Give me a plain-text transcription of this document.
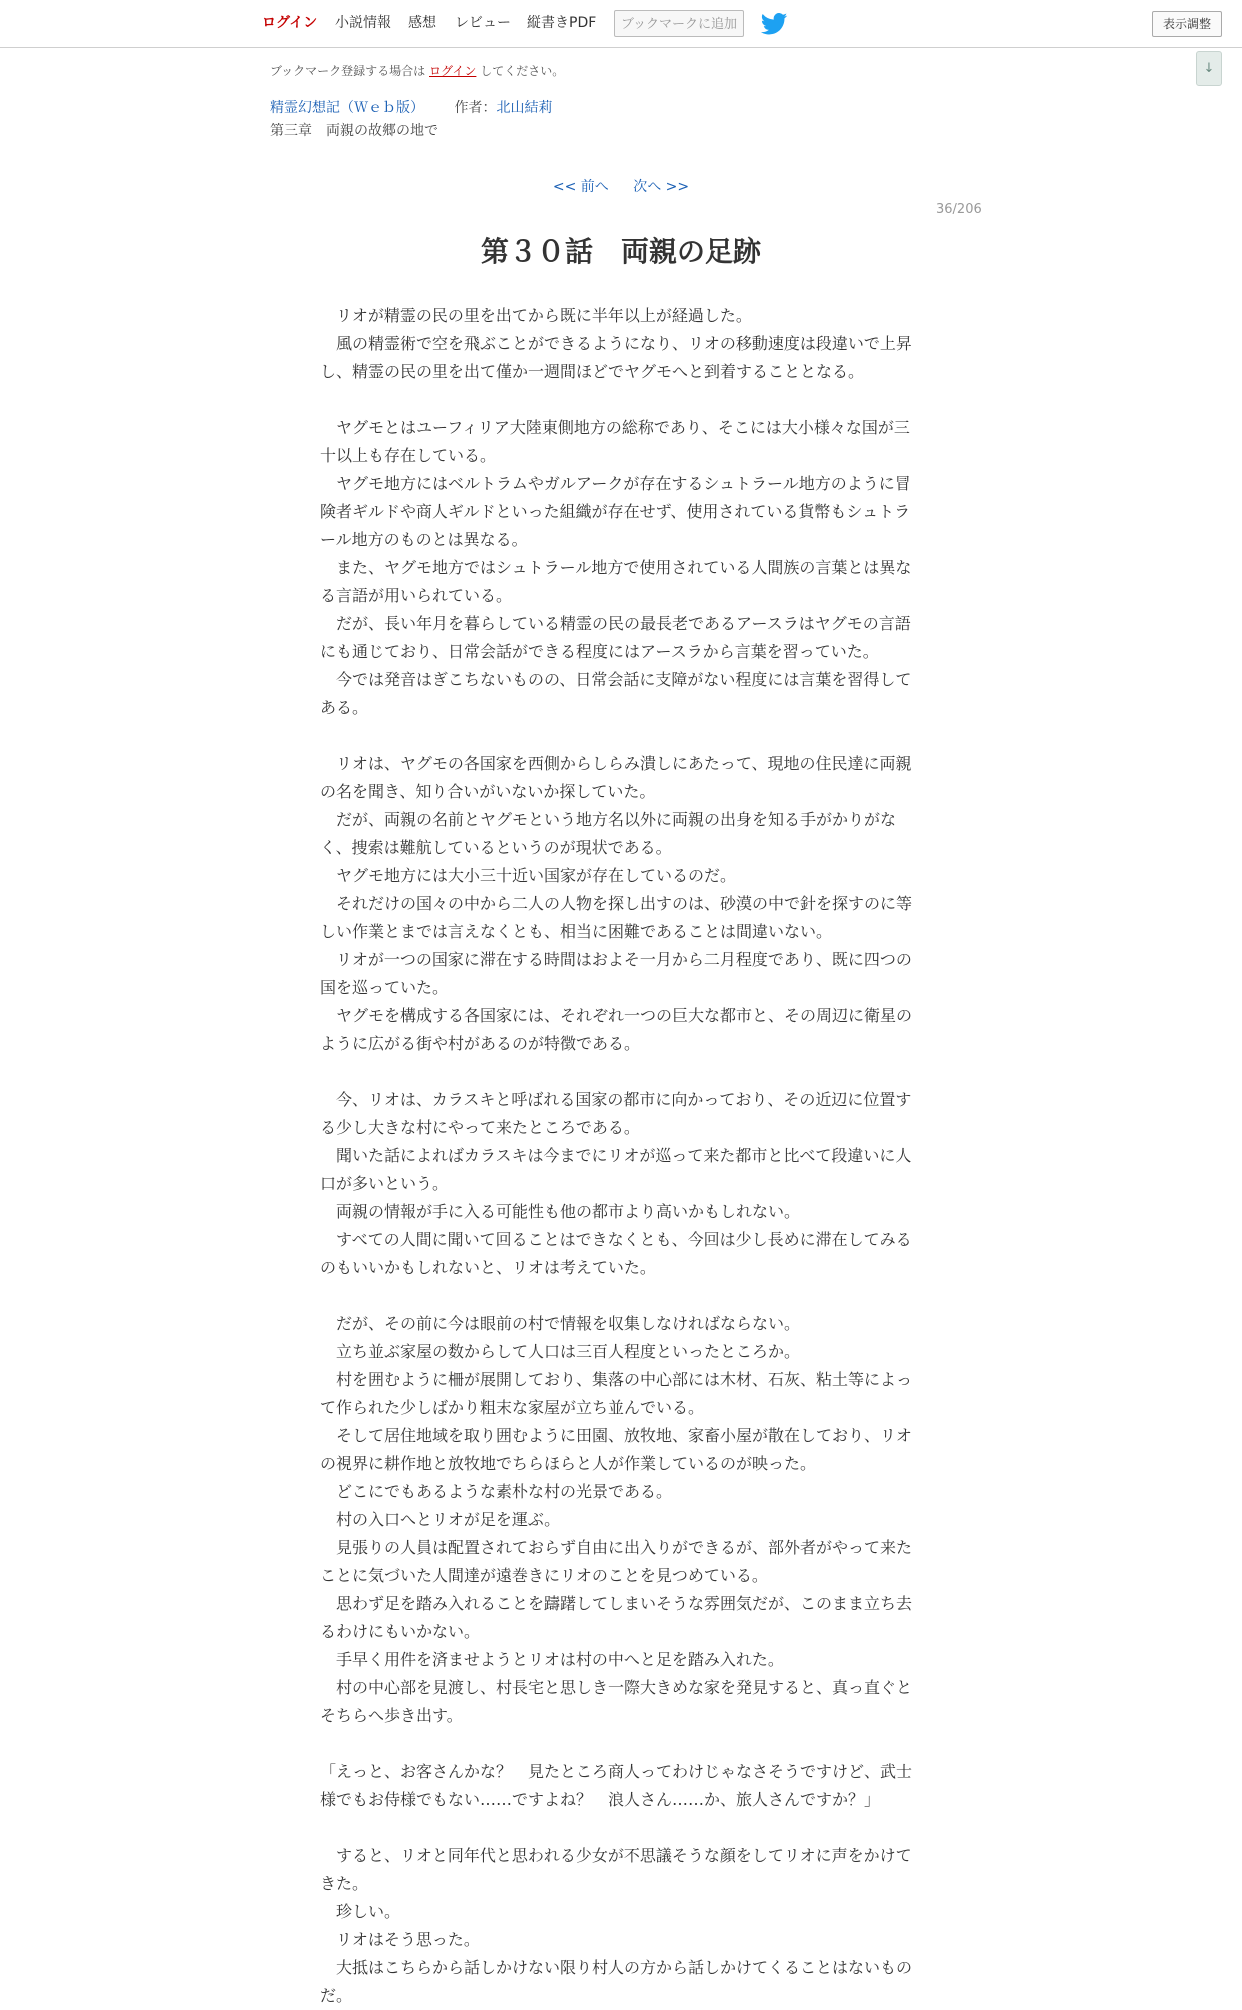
ログイン 小説情報 感想 レビュー 縦書きPDF	ブックマークに追加	表示調整
↓
ブックマーク登録する場合は ログイン してください。
精霊幻想記（Ｗｅｂ版） 作者：北山結莉
第三章　両親の故郷の地で
<< 前へ 次へ >>
36/206
第３０話　両親の足跡

　リオが精霊の民の里を出てから既に半年以上が経過した。

　風の精霊術で空を飛ぶことができるようになり、リオの移動速度は段違いで上昇し、精霊の民の里を出て僅か一週間ほどでヤグモへと到着することとなる。

　ヤグモとはユーフィリア大陸東側地方の総称であり、そこには大小様々な国が三十以上も存在している。

　ヤグモ地方にはベルトラムやガルアークが存在するシュトラール地方のように冒険者ギルドや商人ギルドといった組織が存在せず、使用されている貨幣もシュトラール地方のものとは異なる。

　また、ヤグモ地方ではシュトラール地方で使用されている人間族の言葉とは異なる言語が用いられている。

　だが、長い年月を暮らしている精霊の民の最長老であるアースラはヤグモの言語にも通じており、日常会話ができる程度にはアースラから言葉を習っていた。

　今では発音はぎこちないものの、日常会話に支障がない程度には言葉を習得してある。

　リオは、ヤグモの各国家を西側からしらみ潰しにあたって、現地の住民達に両親の名を聞き、知り合いがいないか探していた。

　だが、両親の名前とヤグモという地方名以外に両親の出身を知る手がかりがなく、捜索は難航しているというのが現状である。

　ヤグモ地方には大小三十近い国家が存在しているのだ。

　それだけの国々の中から二人の人物を探し出すのは、砂漠の中で針を探すのに等しい作業とまでは言えなくとも、相当に困難であることは間違いない。

　リオが一つの国家に滞在する時間はおよそ一月から二月程度であり、既に四つの国を巡っていた。

　ヤグモを構成する各国家には、それぞれ一つの巨大な都市と、その周辺に衛星のように広がる街や村があるのが特徴である。

　今、リオは、カラスキと呼ばれる国家の都市に向かっており、その近辺に位置する少し大きな村にやって来たところである。

　聞いた話によればカラスキは今までにリオが巡って来た都市と比べて段違いに人口が多いという。

　両親の情報が手に入る可能性も他の都市より高いかもしれない。

　すべての人間に聞いて回ることはできなくとも、今回は少し長めに滞在してみるのもいいかもしれないと、リオは考えていた。

　だが、その前に今は眼前の村で情報を収集しなければならない。

　立ち並ぶ家屋の数からして人口は三百人程度といったところか。

　村を囲むように柵が展開しており、集落の中心部には木材、石灰、粘土等によって作られた少しばかり粗末な家屋が立ち並んでいる。

　そして居住地域を取り囲むように田園、放牧地、家畜小屋が散在しており、リオの視界に耕作地と放牧地でちらほらと人が作業しているのが映った。

　どこにでもあるような素朴な村の光景である。

　村の入口へとリオが足を運ぶ。

　見張りの人員は配置されておらず自由に出入りができるが、部外者がやって来たことに気づいた人間達が遠巻きにリオのことを見つめている。

　思わず足を踏み入れることを躊躇してしまいそうな雰囲気だが、このまま立ち去るわけにもいかない。

　手早く用件を済ませようとリオは村の中へと足を踏み入れた。

　村の中心部を見渡し、村長宅と思しき一際大きめな家を発見すると、真っ直ぐとそちらへ歩き出す。

「えっと、お客さんかな？　見たところ商人ってわけじゃなさそうですけど、武士様でもお侍様でもない……ですよね？　浪人さん……か、旅人さんですか？」

　すると、リオと同年代と思われる少女が不思議そうな顔をしてリオに声をかけてきた。

　珍しい。

　リオはそう思った。

　大抵はこちらから話しかけない限り村人の方から話しかけてくることはないものだ。
